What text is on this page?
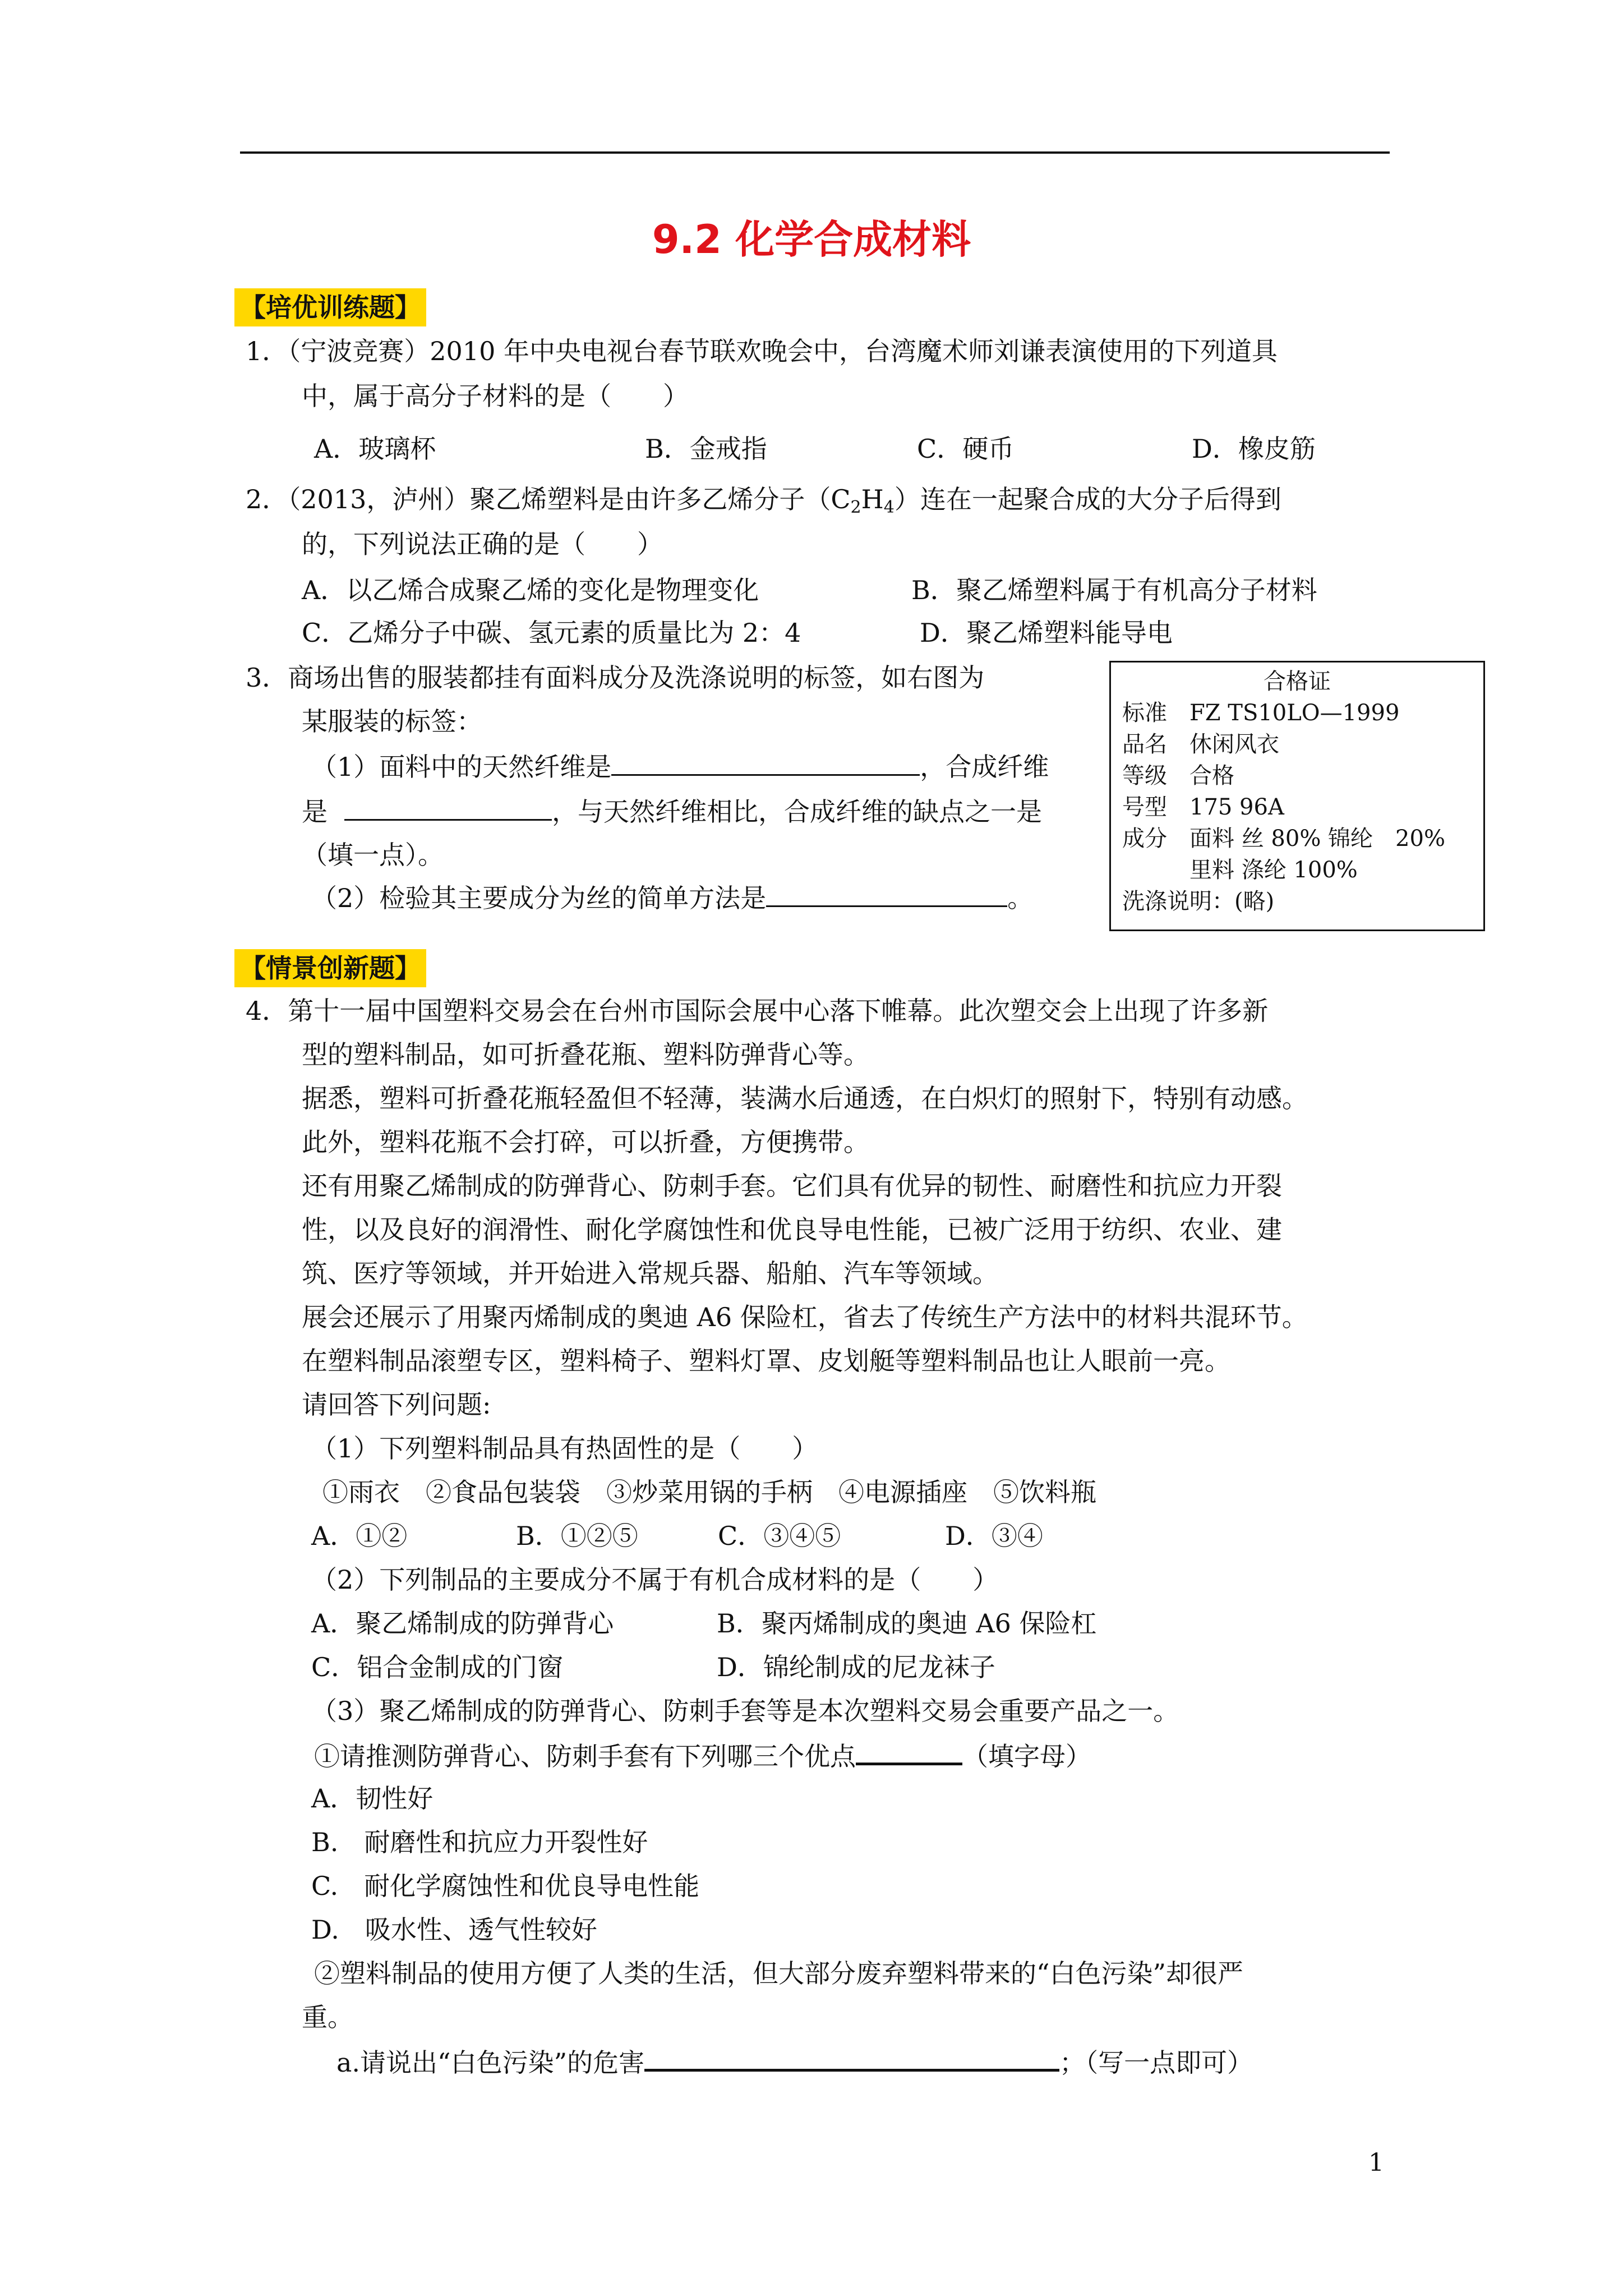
9.2 化学合成材料
【培优训练题】
1．（宁波竞赛）2010 年中央电视台春节联欢晚会中，台湾魔术师刘谦表演使用的下列道具
中，属于高分子材料的是（　　）
A．玻璃杯	B．金戒指	C．硬币	D．橡皮筋
2．（2013，泸州）聚乙烯塑料是由许多乙烯分子$(C_2H_4)$连在一起聚合成的大分子后得到
的，下列说法正确的是（　　）
A．以乙烯合成聚乙烯的变化是物理变化	B．聚乙烯塑料属于有机高分子材料
C．乙烯分子中碳、氢元素的质量比为 2：4	D．聚乙烯塑料能导电
3．商场出售的服装都挂有面料成分及洗涤说明的标签，如右图为
某服装的标签：
（1）面料中的天然纤维是	，合成纤维
是	，与天然纤维相比，合成纤维的缺点之一是
（填一点）。
（2）检验其主要成分为丝的简单方法是	。
合格证
标准　FZ TS10LO—1999
品名　休闲风衣
等级　合格
号型　175 96A
成分　面料 丝 80% 锦纶　20%
　　　里料 涤纶 100%
洗涤说明：(略)
【情景创新题】
4．第十一届中国塑料交易会在台州市国际会展中心落下帷幕。此次塑交会上出现了许多新
型的塑料制品，如可折叠花瓶、塑料防弹背心等。
据悉，塑料可折叠花瓶轻盈但不轻薄，装满水后通透，在白炽灯的照射下，特别有动感。
此外，塑料花瓶不会打碎，可以折叠，方便携带。
还有用聚乙烯制成的防弹背心、防刺手套。它们具有优异的韧性、耐磨性和抗应力开裂
性，以及良好的润滑性、耐化学腐蚀性和优良导电性能，已被广泛用于纺织、农业、建
筑、医疗等领域，并开始进入常规兵器、船舶、汽车等领域。
展会还展示了用聚丙烯制成的奥迪 A6 保险杠，省去了传统生产方法中的材料共混环节。
在塑料制品滚塑专区，塑料椅子、塑料灯罩、皮划艇等塑料制品也让人眼前一亮。
请回答下列问题:
（1）下列塑料制品具有热固性的是（　　）
①雨衣　②食品包装袋　③炒菜用锅的手柄　④电源插座　⑤饮料瓶
A．①②	B．①②⑤	C．③④⑤	D．③④
（2）下列制品的主要成分不属于有机合成材料的是（　　）
A．聚乙烯制成的防弹背心	B．聚丙烯制成的奥迪 A6 保险杠
C．铝合金制成的门窗	D．锦纶制成的尼龙袜子
（3）聚乙烯制成的防弹背心、防刺手套等是本次塑料交易会重要产品之一。
①请推测防弹背心、防刺手套有下列哪三个优点	（填字母）
A．韧性好
B.　耐磨性和抗应力开裂性好
C.　耐化学腐蚀性和优良导电性能
D.　吸水性、透气性较好
②塑料制品的使用方便了人类的生活，但大部分废弃塑料带来的“白色污染”却很严
重。
a.请说出“白色污染”的危害	；（写一点即可）
1
